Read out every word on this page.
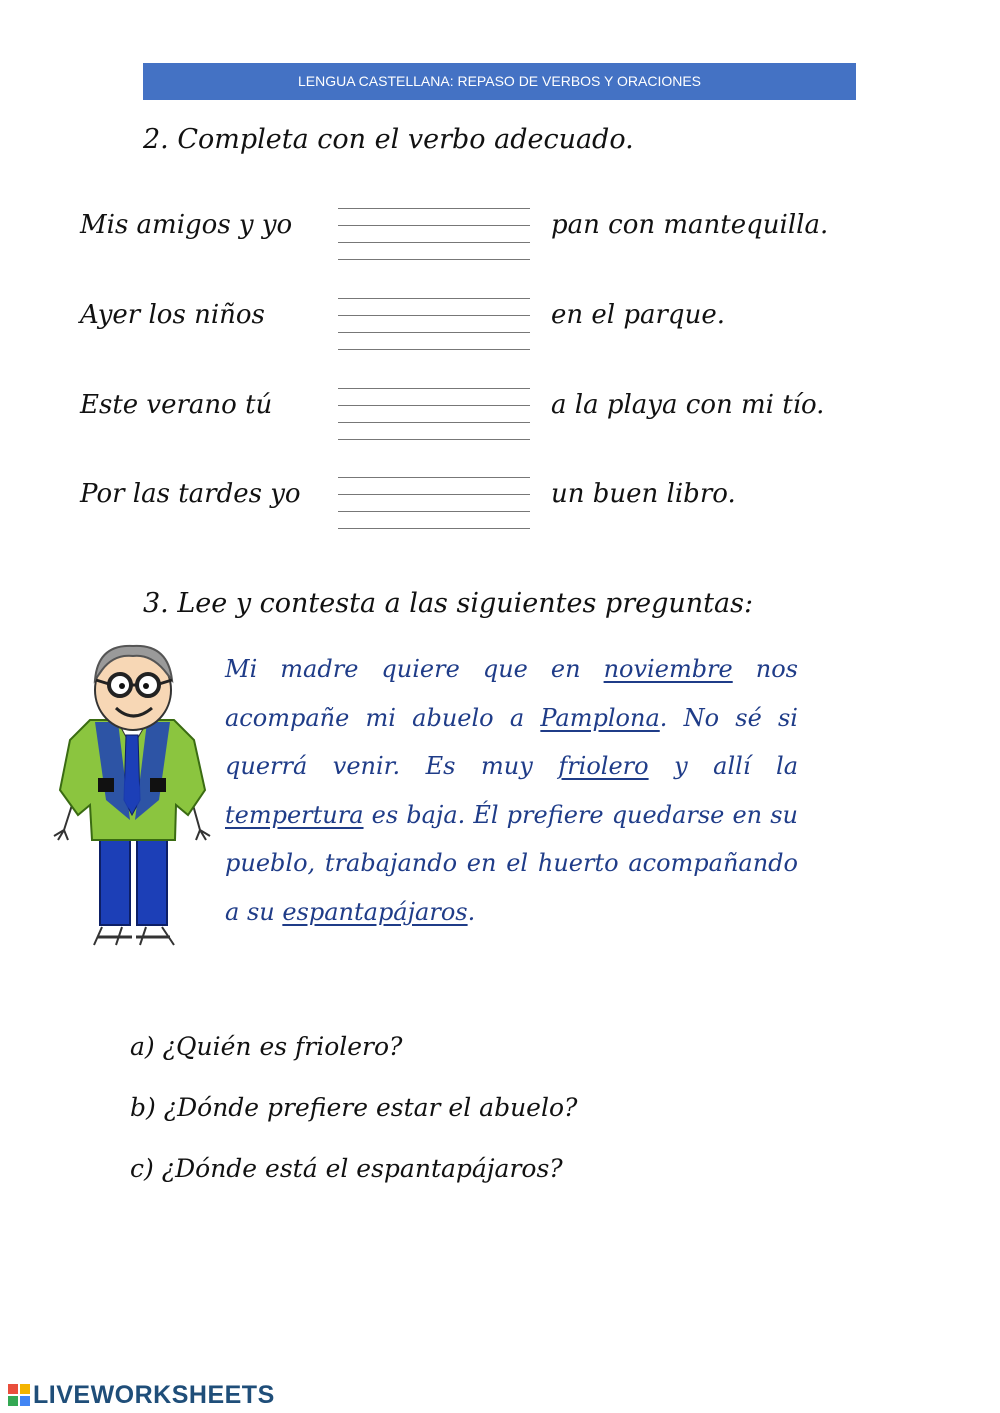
LENGUA CASTELLANA: REPASO DE VERBOS Y ORACIONES
2. Completa con el verbo adecuado.
Mis amigos y yo	pan con mantequilla.
Ayer los niños	en el parque.
Este verano tú	a la playa con mi tío.
Por las tardes yo	un buen libro.
3. Lee y contesta a las siguientes preguntas:
Mi madre quiere que en noviembre nos acompañe mi abuelo a Pamplona. No sé si querrá venir. Es muy friolero y allí la tempertura es baja. Él prefiere quedarse en su pueblo, trabajando en el huerto acompañando a su espantapájaros.
a) ¿Quién es friolero?
b) ¿Dónde prefiere estar el abuelo?
c) ¿Dónde está el espantapájaros?
LIVEWORKSHEETS
